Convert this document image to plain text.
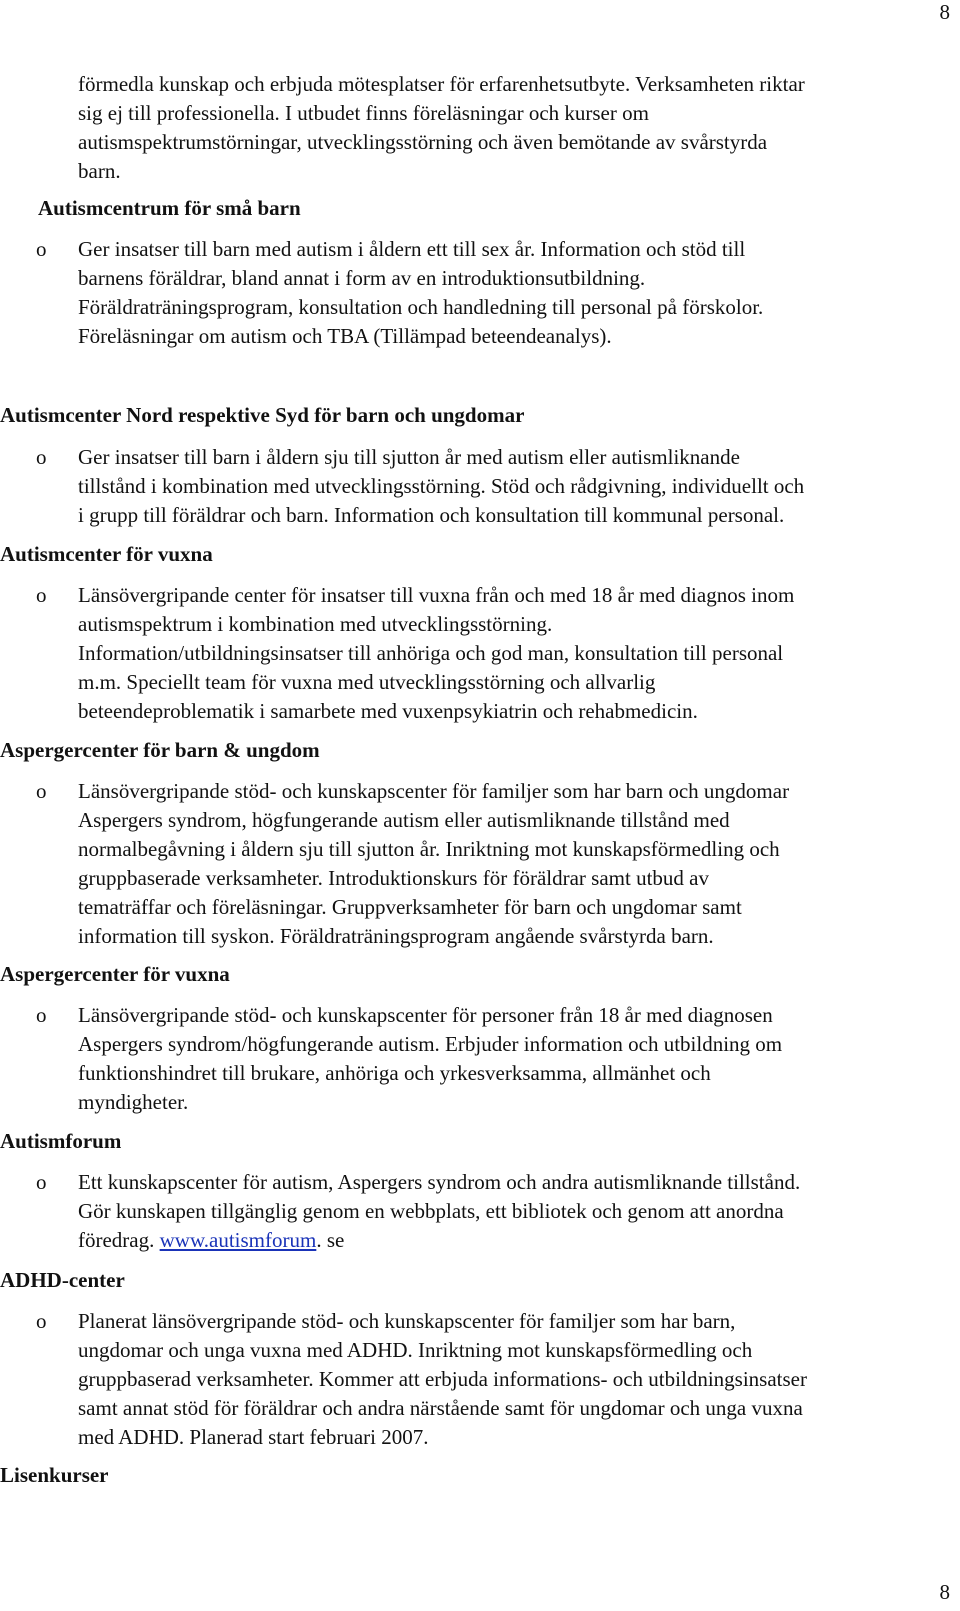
8
förmedla kunskap och erbjuda mötesplatser för erfarenhetsutbyte. Verksamheten riktar
sig ej till professionella. I utbudet finns föreläsningar och kurser om
autismspektrumstörningar, utvecklingsstörning och även bemötande av svårstyrda
barn.
Autismcentrum för små barn
o Ger insatser till barn med autism i åldern ett till sex år. Information och stöd till
barnens föräldrar, bland annat i form av en introduktionsutbildning.
Föräldraträningsprogram, konsultation och handledning till personal på förskolor.
Föreläsningar om autism och TBA (Tillämpad beteendeanalys).
Autismcenter Nord respektive Syd för barn och ungdomar
o Ger insatser till barn i åldern sju till sjutton år med autism eller autismliknande
tillstånd i kombination med utvecklingsstörning. Stöd och rådgivning, individuellt och
i grupp till föräldrar och barn. Information och konsultation till kommunal personal.
Autismcenter för vuxna
o Länsövergripande center för insatser till vuxna från och med 18 år med diagnos inom
autismspektrum i kombination med utvecklingsstörning.
Information/utbildningsinsatser till anhöriga och god man, konsultation till personal
m.m. Speciellt team för vuxna med utvecklingsstörning och allvarlig
beteendeproblematik i samarbete med vuxenpsykiatrin och rehabmedicin.
Aspergercenter för barn & ungdom
o Länsövergripande stöd- och kunskapscenter för familjer som har barn och ungdomar
Aspergers syndrom, högfungerande autism eller autismliknande tillstånd med
normalbegåvning i åldern sju till sjutton år. Inriktning mot kunskapsförmedling och
gruppbaserade verksamheter. Introduktionskurs för föräldrar samt utbud av
tematräffar och föreläsningar. Gruppverksamheter för barn och ungdomar samt
information till syskon. Föräldraträningsprogram angående svårstyrda barn.
Aspergercenter för vuxna
o Länsövergripande stöd- och kunskapscenter för personer från 18 år med diagnosen
Aspergers syndrom/högfungerande autism. Erbjuder information och utbildning om
funktionshindret till brukare, anhöriga och yrkesverksamma, allmänhet och
myndigheter.
Autismforum
o Ett kunskapscenter för autism, Aspergers syndrom och andra autismliknande tillstånd.
Gör kunskapen tillgänglig genom en webbplats, ett bibliotek och genom att anordna
föredrag. www.autismforum. se
ADHD-center
o Planerat länsövergripande stöd- och kunskapscenter för familjer som har barn,
ungdomar och unga vuxna med ADHD. Inriktning mot kunskapsförmedling och
gruppbaserad verksamheter. Kommer att erbjuda informations- och utbildningsinsatser
samt annat stöd för föräldrar och andra närstående samt för ungdomar och unga vuxna
med ADHD. Planerad start februari 2007.
Lisenkurser
8
